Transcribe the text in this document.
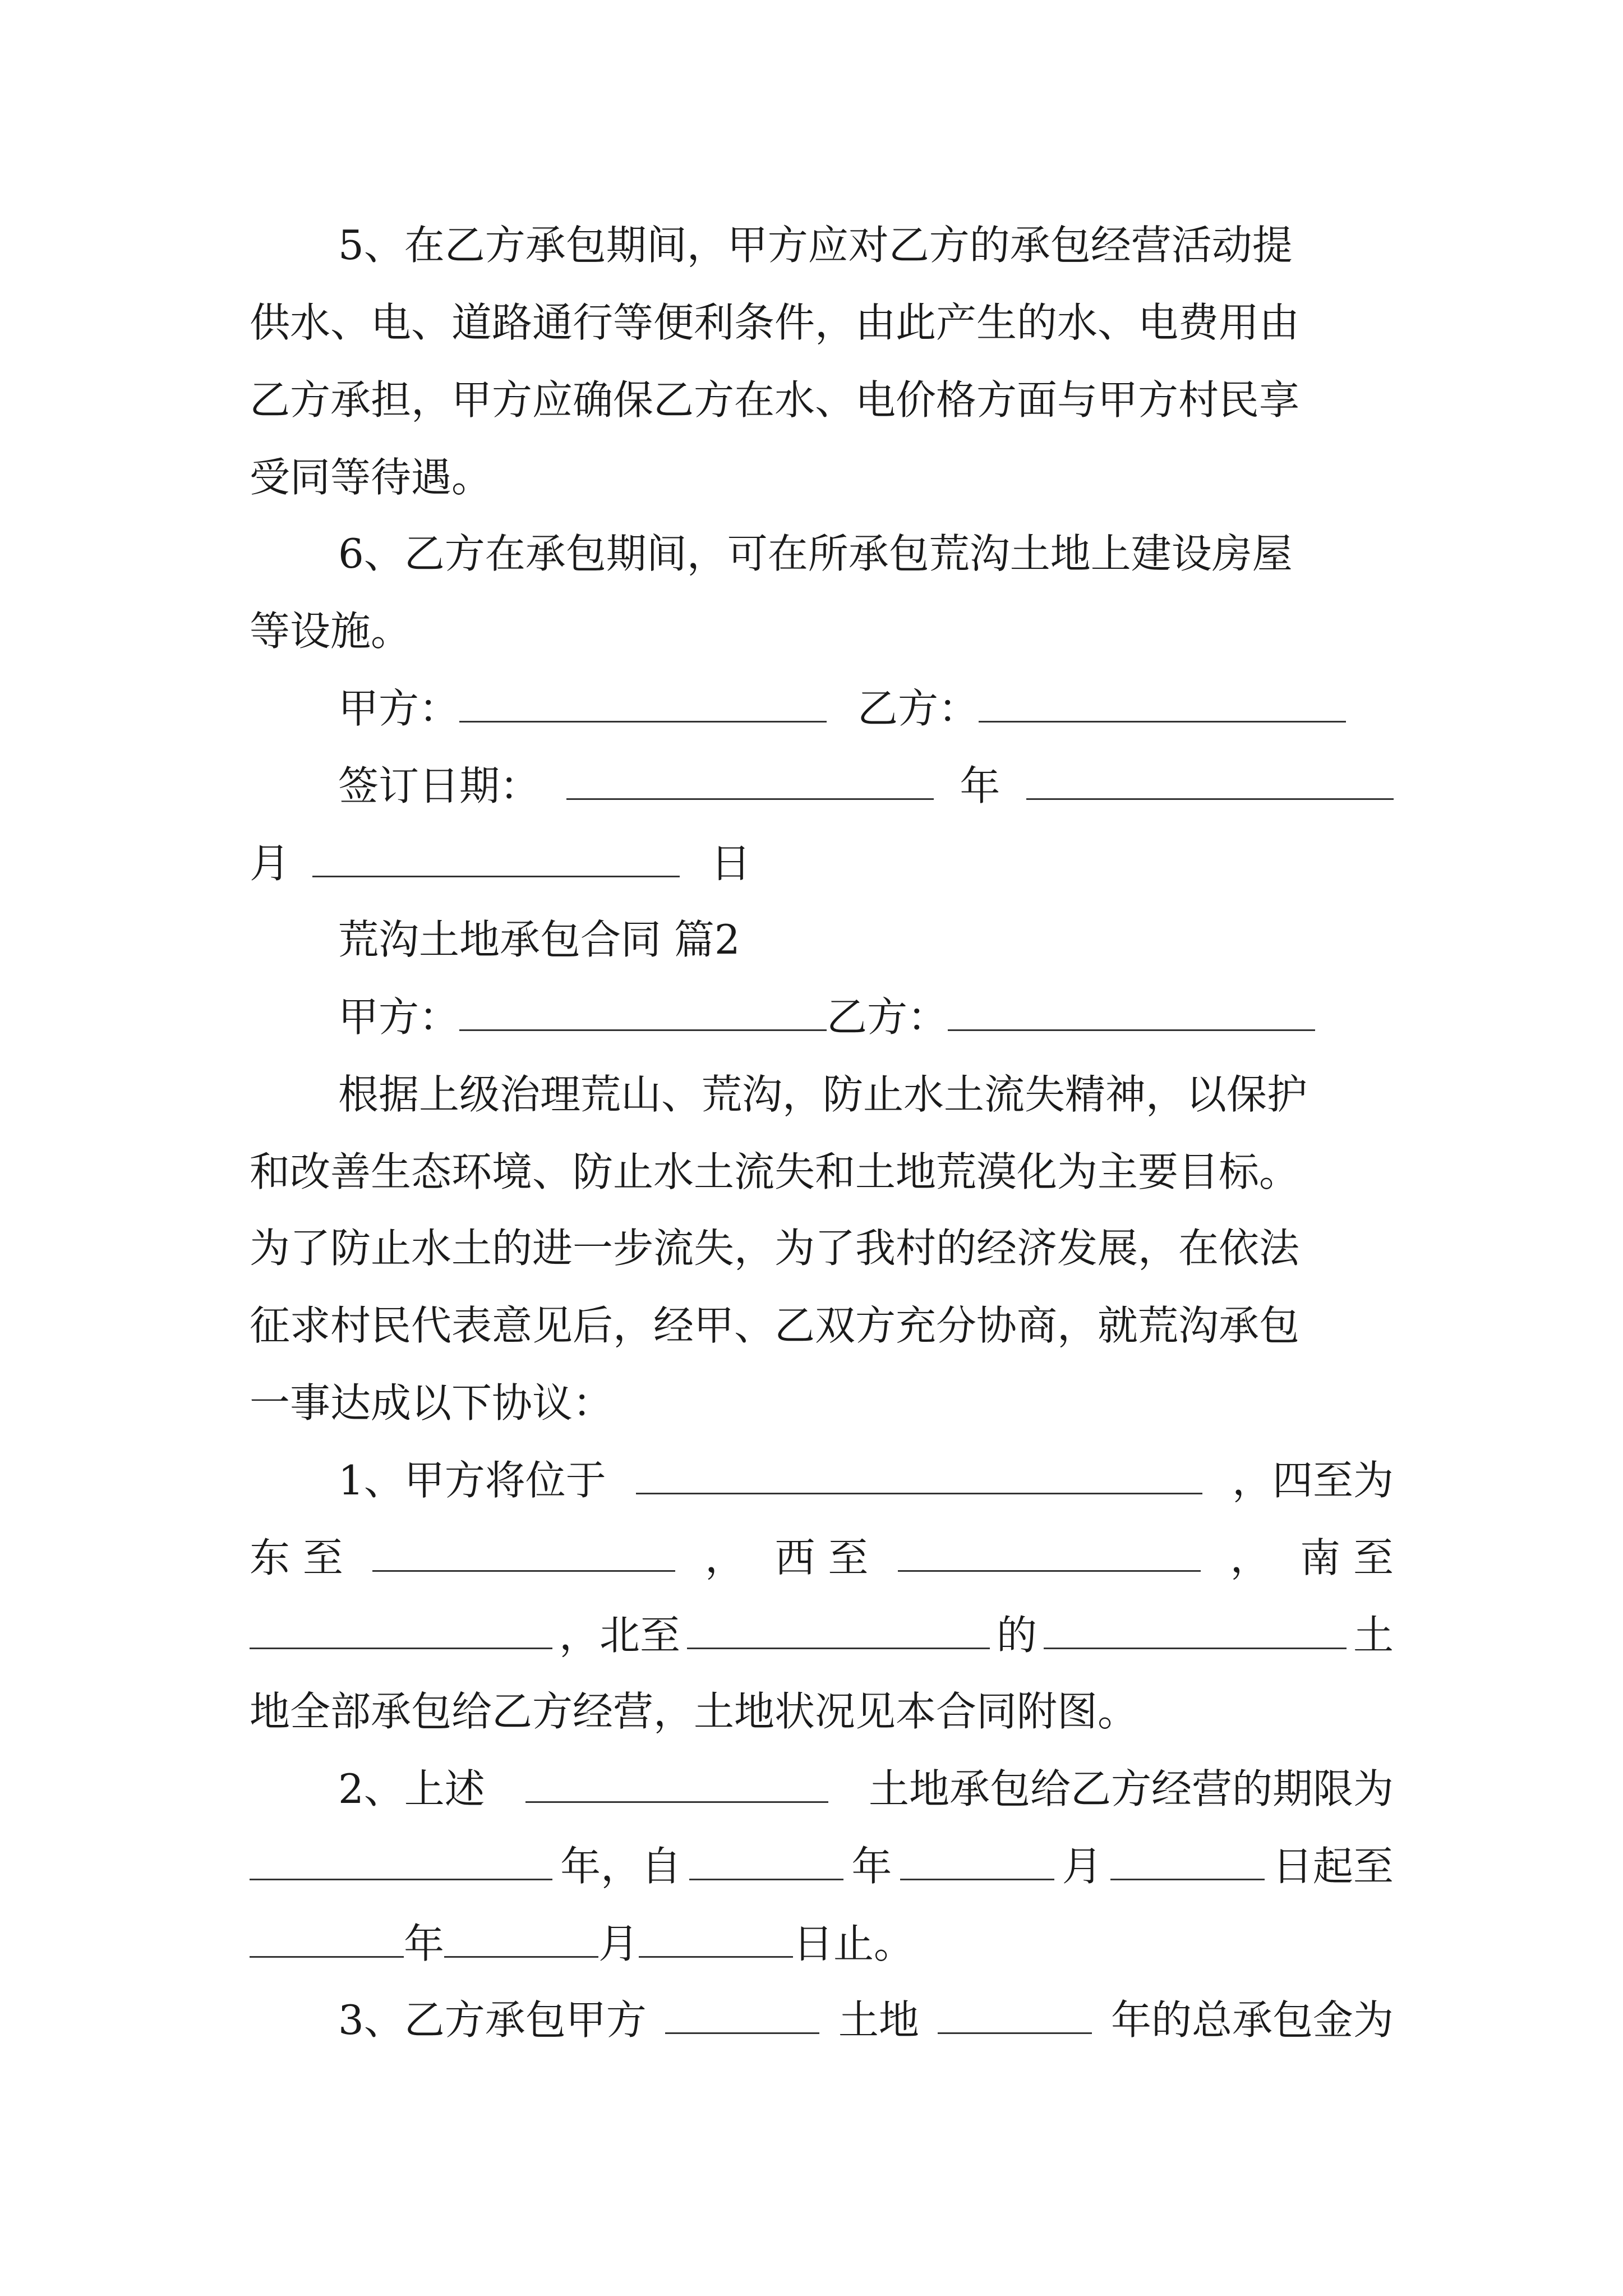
5、在乙方承包期间，甲方应对乙方的承包经营活动提
供水、电、道路通行等便利条件，由此产生的水、电费用由
乙方承担，甲方应确保乙方在水、电价格方面与甲方村民享
受同等待遇。
6、乙方在承包期间，可在所承包荒沟土地上建设房屋
等设施。
甲方：	乙方：
签订日期：	年
月	日
荒沟土地承包合同 篇2
甲方：	乙方：
根据上级治理荒山、荒沟，防止水土流失精神，以保护
和改善生态环境、防止水土流失和土地荒漠化为主要目标。
为了防止水土的进一步流失，为了我村的经济发展，在依法
征求村民代表意见后，经甲、乙双方充分协商，就荒沟承包
一事达成以下协议：
1、甲方将位于	，四至为
东 至	， 西 至	， 南 至
，北至	的	土
地全部承包给乙方经营，土地状况见本合同附图。
2、上述	土地承包给乙方经营的期限为
年，自	年	月	日起至
年	月	日止。
3、乙方承包甲方	土地	年的总承包金为
